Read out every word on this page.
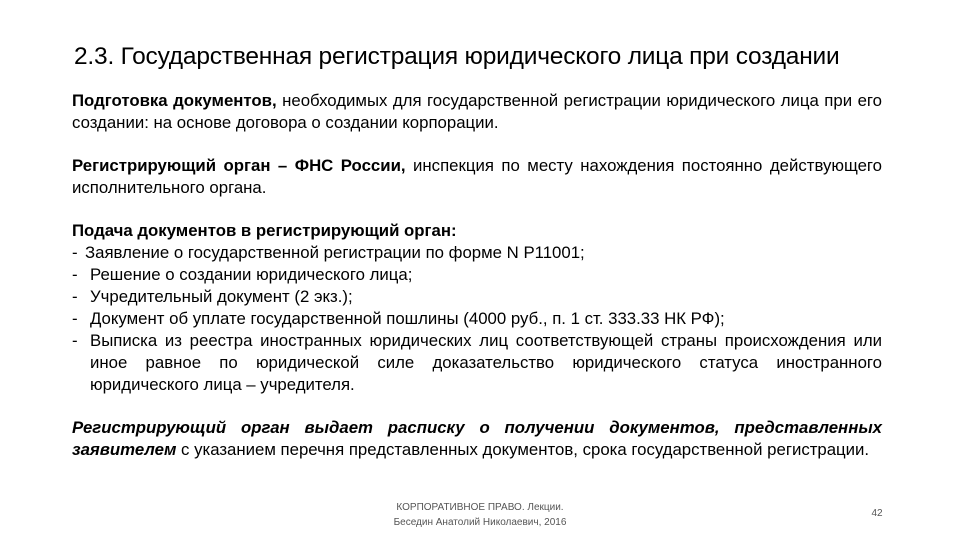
2.3. Государственная регистрация юридического лица при создании

Подготовка документов, необходимых для государственной регистрации юридического лица при его создании: на основе договора о создании корпорации.

Регистрирующий орган – ФНС России, инспекция по месту нахождения постоянно действующего исполнительного органа.

Подача документов в регистрирующий орган:
- Заявление о государственной регистрации по форме N Р11001;
- Решение о создании юридического лица;
- Учредительный документ (2 экз.);
- Документ об уплате государственной пошлины (4000 руб., п. 1 ст. 333.33 НК РФ);
- Выписка из реестра иностранных юридических лиц соответствующей страны происхождения или иное равное по юридической силе доказательство юридического статуса иностранного юридического лица – учредителя.

Регистрирующий орган выдает расписку о получении документов, представленных заявителем с указанием перечня представленных документов, срока государственной регистрации.

КОРПОРАТИВНОЕ ПРАВО. Лекции.
Беседин Анатолий Николаевич, 2016
42
